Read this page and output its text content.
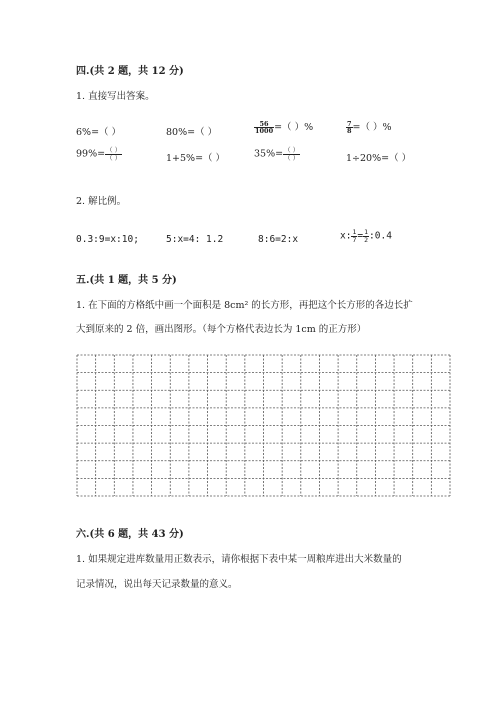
四.(共 2 题，共 12 分)
1. 直接写出答案。
6%=（ ）	80%=（ ）	$\frac{56}{1000}$ =（ ）%	$\frac{7}{8}$ =（ ）%
$99\%= \frac{( )}{( )}$	1+5%=（ ）	$35\%= \frac{( )}{( )}$	1÷20%=（ ）
2. 解比例。
0.3:9=x:10;	5:x=4: 1.2	8:6=2:x	x: $\frac{1}{7} = \frac{1}{2}$ :0.4
五.(共 1 题，共 5 分)
1. 在下面的方格纸中画一个面积是 8cm² 的长方形，再把这个长方形的各边长扩
大到原来的 2 倍，画出图形。（每个方格代表边长为 1cm 的正方形）
六.(共 6 题，共 43 分)
1. 如果规定进库数量用正数表示，请你根据下表中某一周粮库进出大米数量的
记录情况，说出每天记录数量的意义。
